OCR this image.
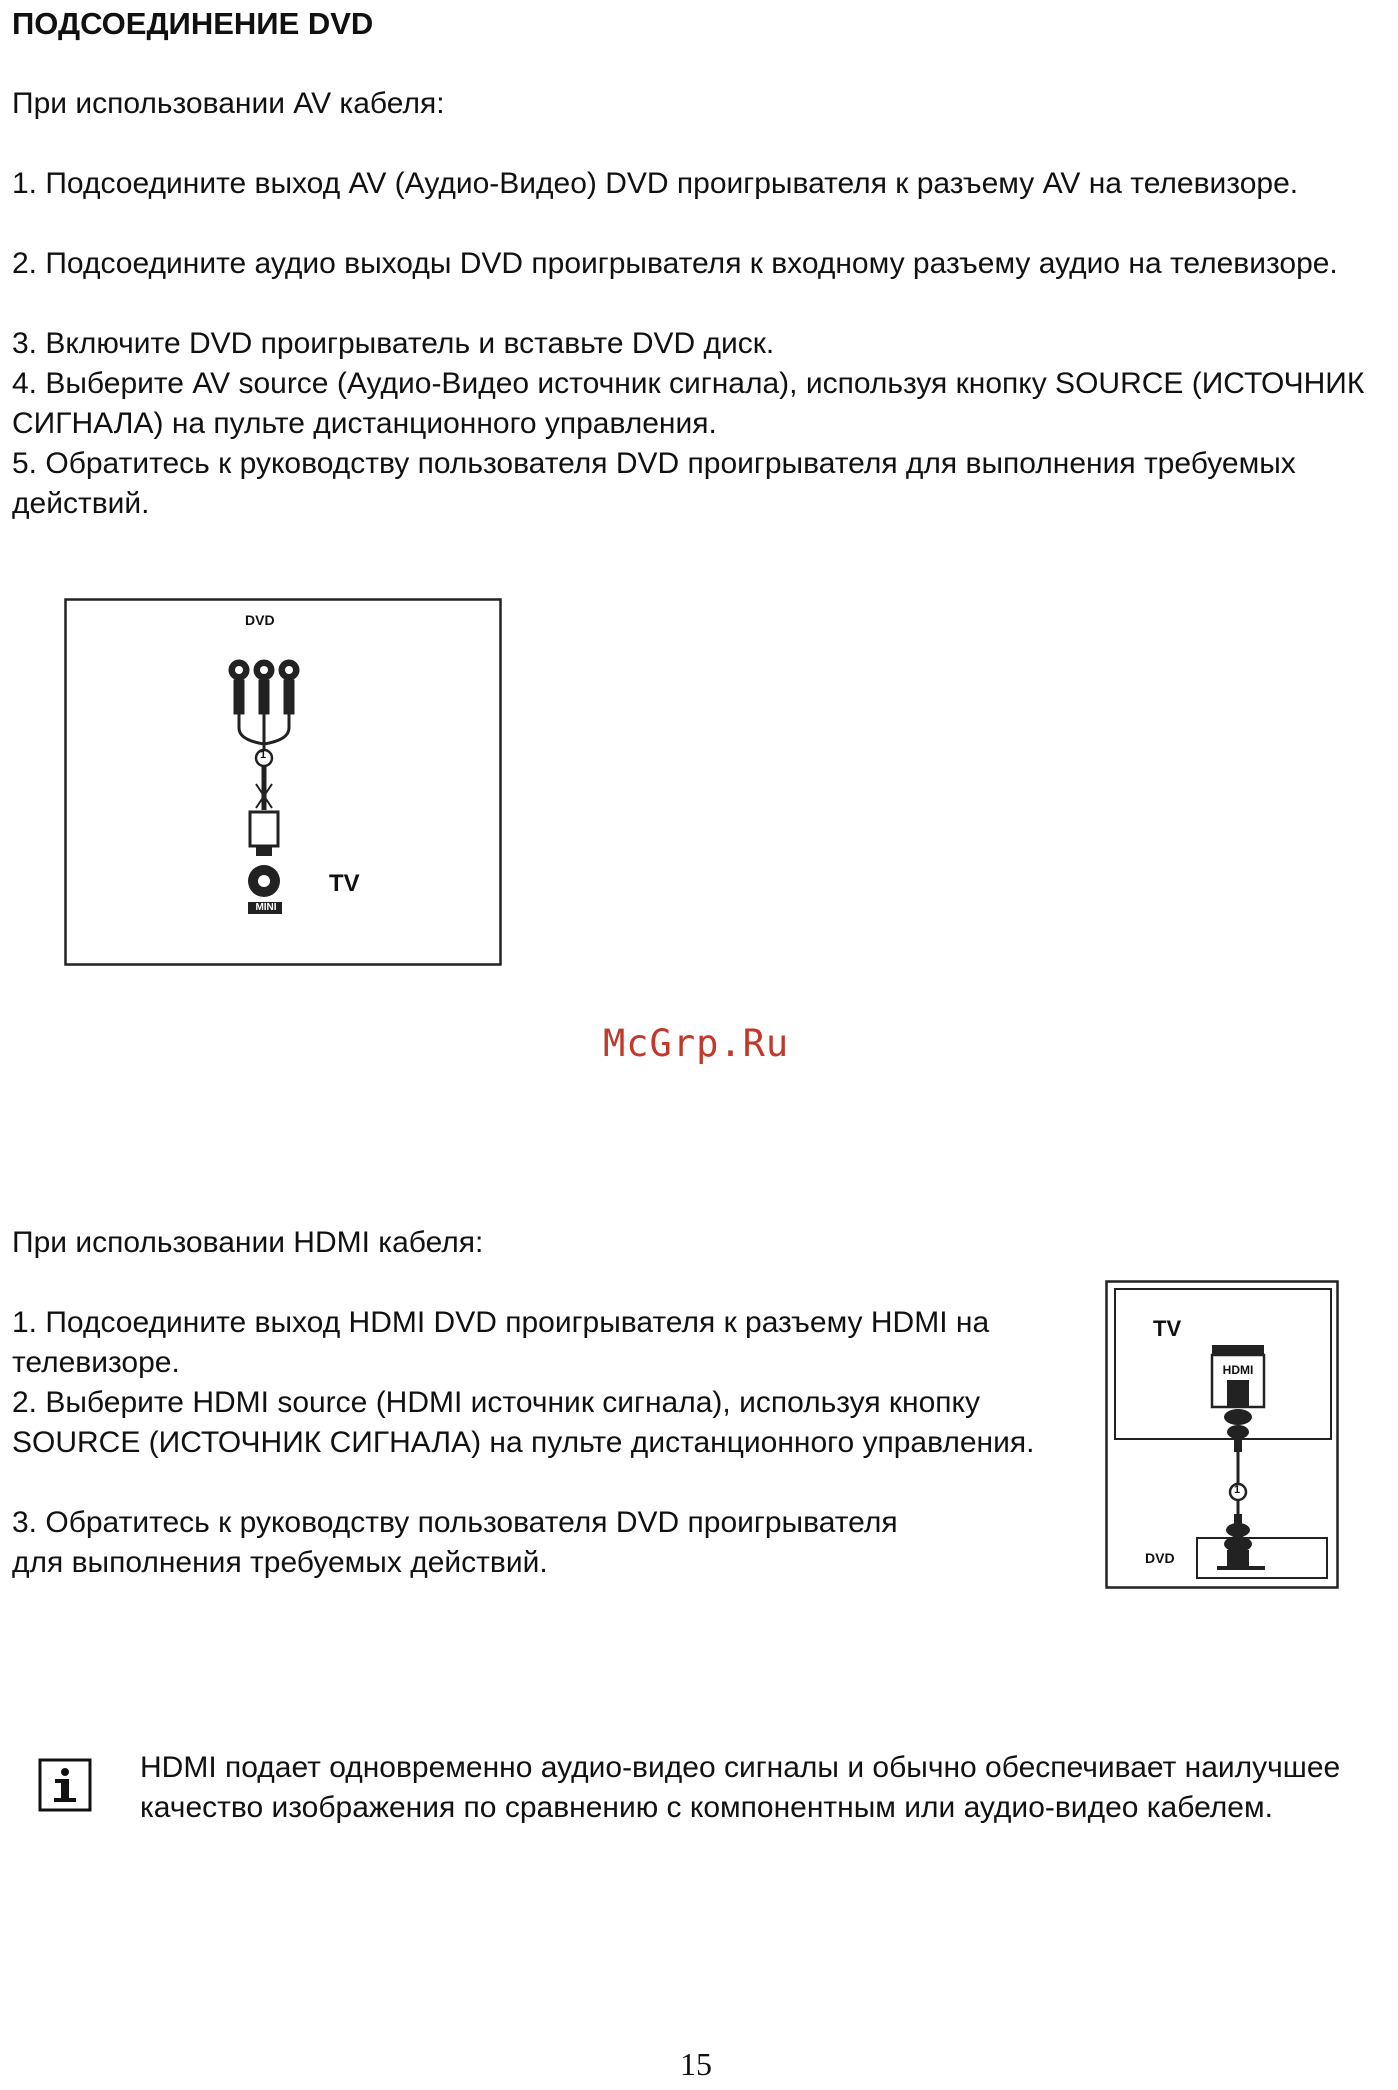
ПОДСОЕДИНЕНИЕ DVD
При использовании AV кабеля:
1. Подсоедините выход AV (Аудио-Видео) DVD проигрывателя к разъему AV на телевизоре.
2. Подсоедините аудио выходы DVD проигрывателя к входному разъему аудио на телевизоре.
3. Включите DVD проигрыватель и вставьте DVD диск.
4. Выберите AV source (Аудио-Видео источник сигнала), используя кнопку SOURCE (ИСТОЧНИК СИГНАЛА) на пульте дистанционного управления.
5. Обратитесь к руководству пользователя DVD проигрывателя для выполнения требуемых действий.
DVD
1
TV
MINI
McGrp.Ru
При использовании HDMI кабеля:
1. Подсоедините выход HDMI DVD проигрывателя к разъему HDMI на телевизоре.
2. Выберите HDMI source (HDMI источник сигнала), используя кнопку SOURCE (ИСТОЧНИК СИГНАЛА) на пульте дистанционного управления.
3. Обратитесь к руководству пользователя DVD проигрывателя для выполнения требуемых действий.
TV
HDMI
1
DVD
HDMI подает одновременно аудио-видео сигналы и обычно обеспечивает наилучшее качество изображения по сравнению с компонентным или аудио-видео кабелем.
15
